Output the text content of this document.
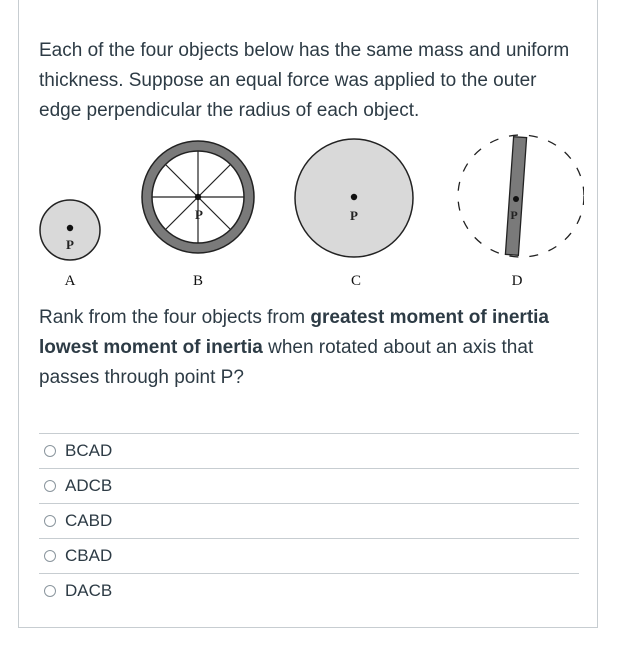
Each of the four objects below has the same mass and uniform thickness. Suppose an equal force was applied to the outer edge perpendicular the radius of each object.

P
P	P	P
A	B	C	D

Rank from the four objects from greatest moment of inertia lowest moment of inertia when rotated about an axis that passes through point P?

BCAD
ADCB
CABD
CBAD
DACB
